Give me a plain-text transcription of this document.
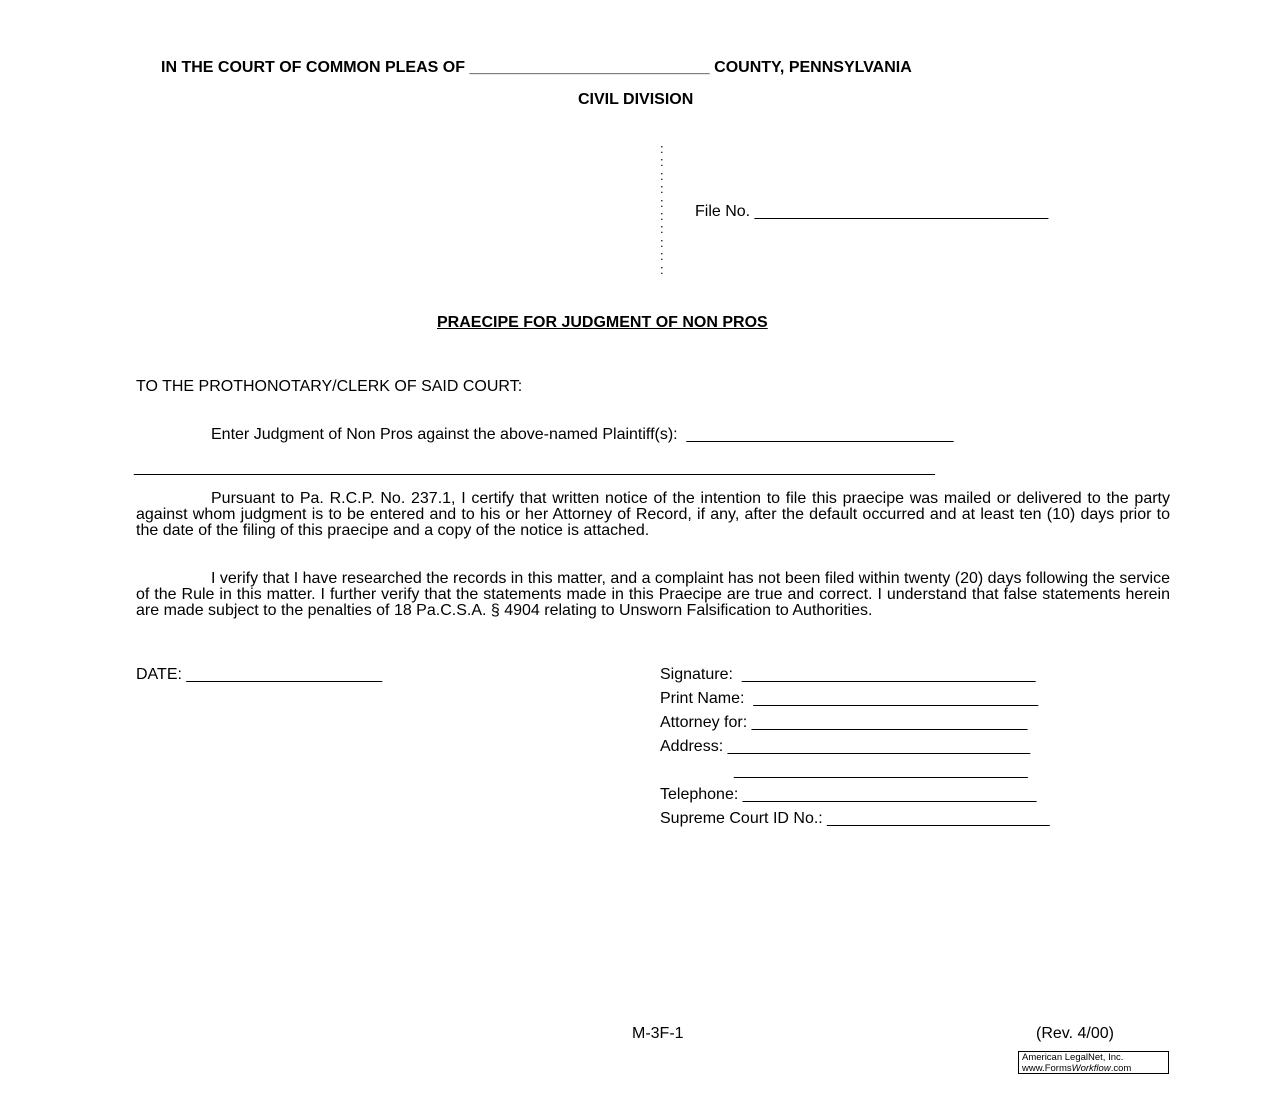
IN THE COURT OF COMMON PLEAS OF ___________________________ COUNTY, PENNSYLVANIA
CIVIL DIVISION
:
:
:
:
:
:
:
:
:
:
File No. _________________________________
PRAECIPE FOR JUDGMENT OF NON PROS
TO THE PROTHONOTARY/CLERK OF SAID COURT:
Enter Judgment of Non Pros against the above-named Plaintiff(s):  ______________________________
__________________________________________________________________________________________
Pursuant to Pa. R.C.P. No. 237.1, I certify that written notice of the intention to file this praecipe was mailed or delivered to the party against whom judgment is to be entered and to his or her Attorney of Record, if any, after the default occurred and at least ten (10) days prior to the date of the filing of this praecipe and a copy of the notice is attached.
I verify that I have researched the records in this matter, and a complaint has not been filed within twenty (20) days following the service of the Rule in this matter. I further verify that the statements made in this Praecipe are true and correct. I understand that false statements herein are made subject to the penalties of 18 Pa.C.S.A. § 4904 relating to Unsworn Falsification to Authorities.
DATE: ______________________	Signature:  _________________________________
Print Name:  ________________________________
Attorney for: _______________________________
Address: __________________________________
_________________________________
Telephone: _________________________________
Supreme Court ID No.: _________________________
M-3F-1	(Rev. 4/00)
American LegalNet, Inc.
www.FormsWorkflow.com
